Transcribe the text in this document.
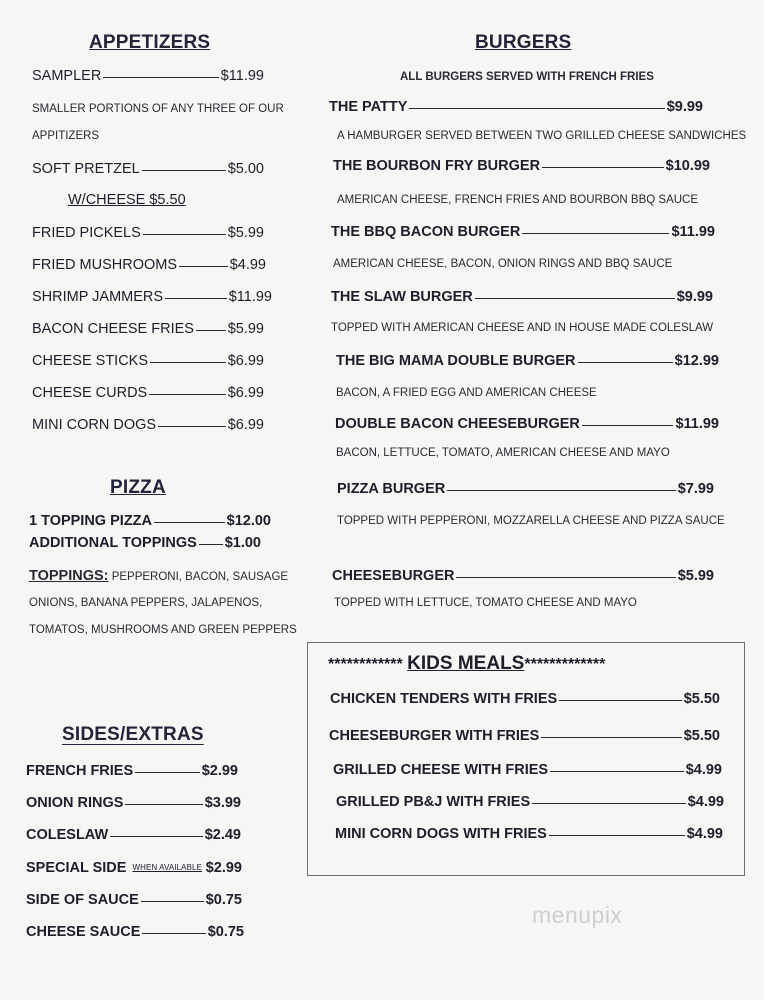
APPETIZERS
SAMPLER	$11.99
SMALLER PORTIONS OF ANY THREE OF OUR
APPITIZERS
SOFT PRETZEL	$5.00
W/CHEESE $5.50
FRIED PICKELS	$5.99
FRIED MUSHROOMS	$4.99
SHRIMP JAMMERS	$11.99
BACON CHEESE FRIES $5.99
CHEESE STICKS	$6.99
CHEESE CURDS	$6.99
MINI CORN DOGS	$6.99
PIZZA
1 TOPPING PIZZA	$12.00
ADDITIONAL TOPPINGS $1.00
TOPPINGS: PEPPERONI, BACON, SAUSAGE
ONIONS, BANANA PEPPERS, JALAPENOS,
TOMATOS, MUSHROOMS AND GREEN PEPPERS
SIDES/EXTRAS
FRENCH FRIES	$2.99
ONION RINGS	$3.99
COLESLAW	$2.49
SPECIAL SIDE WHEN AVAILABLE $2.99
SIDE OF SAUCE	$0.75
CHEESE SAUCE	$0.75
BURGERS
ALL BURGERS SERVED WITH FRENCH FRIES
THE PATTY	$9.99
A HAMBURGER SERVED BETWEEN TWO GRILLED CHEESE SANDWICHES
THE BOURBON FRY BURGER	$10.99
AMERICAN CHEESE, FRENCH FRIES AND BOURBON BBQ SAUCE
THE BBQ BACON BURGER	$11.99
AMERICAN CHEESE, BACON, ONION RINGS AND BBQ SAUCE
THE SLAW BURGER	$9.99
TOPPED WITH AMERICAN CHEESE AND IN HOUSE MADE COLESLAW
THE BIG MAMA DOUBLE BURGER	$12.99
BACON, A FRIED EGG AND AMERICAN CHEESE
DOUBLE BACON CHEESEBURGER	$11.99
BACON, LETTUCE, TOMATO, AMERICAN CHEESE AND MAYO
PIZZA BURGER	$7.99
TOPPED WITH PEPPERONI, MOZZARELLA CHEESE AND PIZZA SAUCE
CHEESEBURGER	$5.99
TOPPED WITH LETTUCE, TOMATO CHEESE AND MAYO
************ KIDS MEALS*************
CHICKEN TENDERS WITH FRIES	$5.50
CHEESEBURGER WITH FRIES	$5.50
GRILLED CHEESE WITH FRIES	$4.99
GRILLED PB&J WITH FRIES	$4.99
MINI CORN DOGS WITH FRIES	$4.99
menupix
